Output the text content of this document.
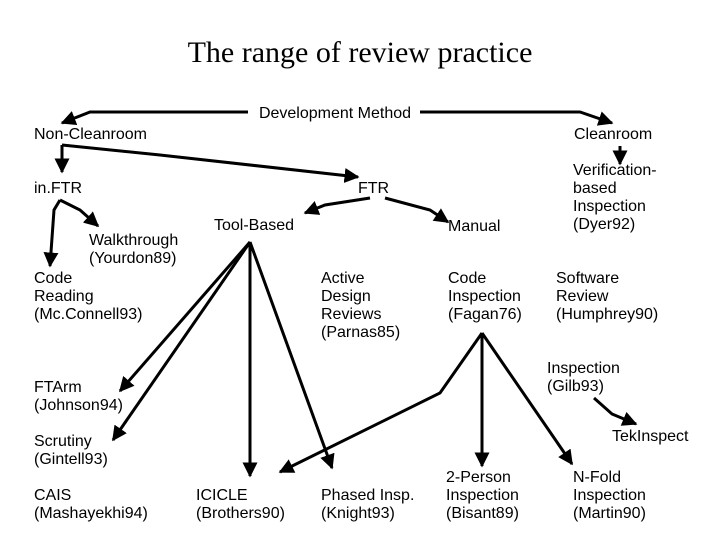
The range of review practice
Development Method
Non-Cleanroom	Cleanroom
in.FTR	FTR
Verification-
based
Inspection
(Dyer92)
Walkthrough
(Yourdon89)
Tool-Based	Manual
Code
Reading
(Mc.Connell93)
Active
Design
Reviews
(Parnas85)
Code
Inspection
(Fagan76)
Software
Review
(Humphrey90)
Inspection
(Gilb93)
FTArm
(Johnson94)
TekInspect
Scrutiny
(Gintell93)
CAIS
(Mashayekhi94)
ICICLE
(Brothers90)
Phased Insp.
(Knight93)
2-Person
Inspection
(Bisant89)
N-Fold
Inspection
(Martin90)
